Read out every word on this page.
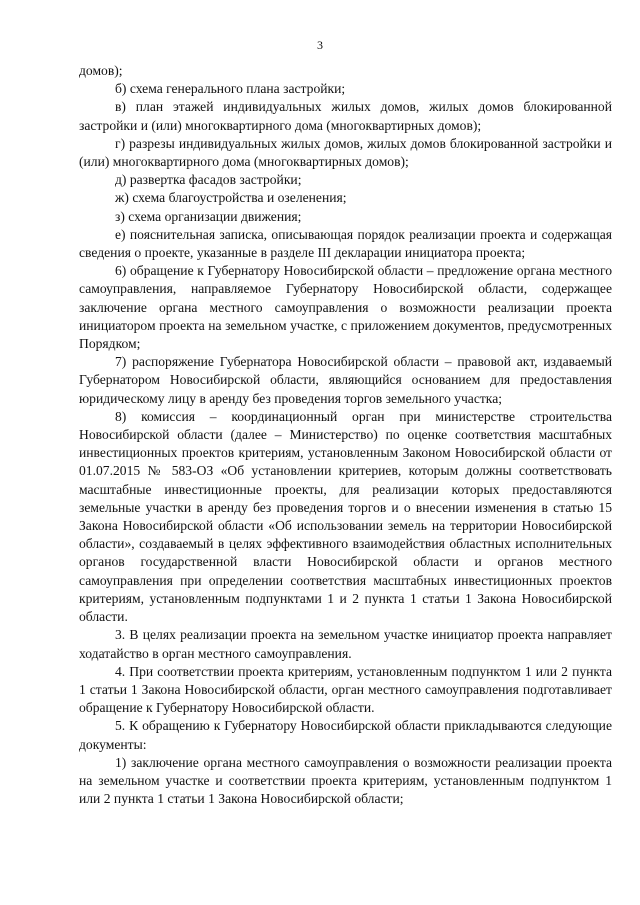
3

домов);

б) схема генерального плана застройки;

в) план этажей индивидуальных жилых домов, жилых домов блокированной застройки и (или) многоквартирного дома (многоквартирных домов);

г) разрезы индивидуальных жилых домов, жилых домов блокированной застройки и (или) многоквартирного дома (многоквартирных домов);

д) развертка фасадов застройки;

ж) схема благоустройства и озеленения;

з) схема организации движения;

е) пояснительная записка, описывающая порядок реализации проекта и содержащая сведения о проекте, указанные в разделе III декларации инициатора проекта;

6) обращение к Губернатору Новосибирской области – предложение органа местного самоуправления, направляемое Губернатору Новосибирской области, содержащее заключение органа местного самоуправления о возможности реализации проекта инициатором проекта на земельном участке, с приложением документов, предусмотренных Порядком;

7) распоряжение Губернатора Новосибирской области – правовой акт, издаваемый Губернатором Новосибирской области, являющийся основанием для предоставления юридическому лицу в аренду без проведения торгов земельного участка;

8) комиссия – координационный орган при министерстве строительства Новосибирской области (далее – Министерство) по оценке соответствия масштабных инвестиционных проектов критериям, установленным Законом Новосибирской области от 01.07.2015 № 583-ОЗ «Об установлении критериев, которым должны соответствовать масштабные инвестиционные проекты, для реализации которых предоставляются земельные участки в аренду без проведения торгов и о внесении изменения в статью 15 Закона Новосибирской области «Об использовании земель на территории Новосибирской области», создаваемый в целях эффективного взаимодействия областных исполнительных органов государственной власти Новосибирской области и органов местного самоуправления при определении соответствия масштабных инвестиционных проектов критериям, установленным подпунктами 1 и 2 пункта 1 статьи 1 Закона Новосибирской области.

3. В целях реализации проекта на земельном участке инициатор проекта направляет ходатайство в орган местного самоуправления.

4. При соответствии проекта критериям, установленным подпунктом 1 или 2 пункта 1 статьи 1 Закона Новосибирской области, орган местного самоуправления подготавливает обращение к Губернатору Новосибирской области.

5. К обращению к Губернатору Новосибирской области прикладываются следующие документы:

1) заключение органа местного самоуправления о возможности реализации проекта на земельном участке и соответствии проекта критериям, установленным подпунктом 1 или 2 пункта 1 статьи 1 Закона Новосибирской области;
